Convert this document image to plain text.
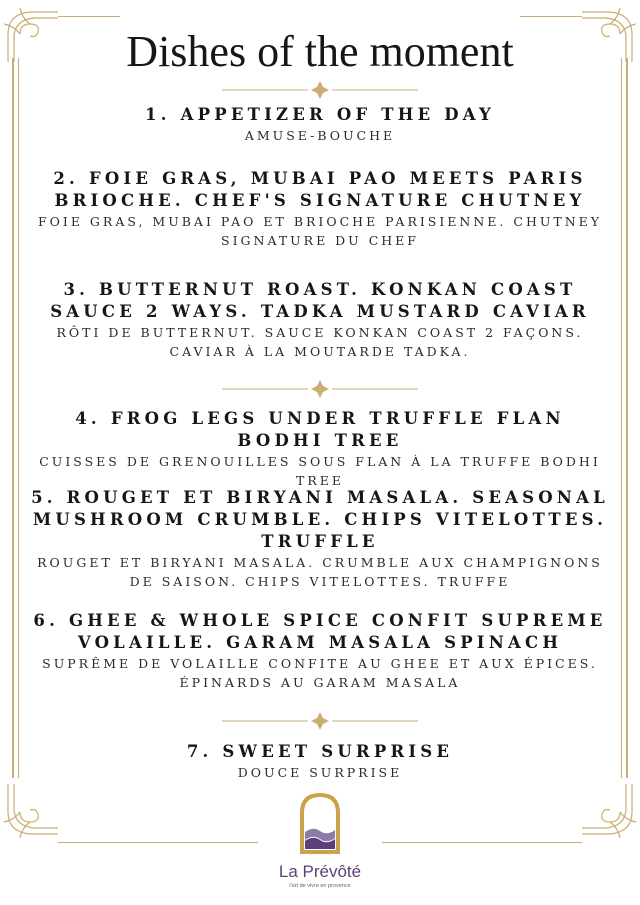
Dishes of the moment
1. APPETIZER OF THE DAY

AMUSE-BOUCHE

2. FOIE GRAS, MUBAI PAO MEETS PARIS BRIOCHE. CHEF'S SIGNATURE CHUTNEY

FOIE GRAS, MUBAI PAO ET BRIOCHE PARISIENNE. CHUTNEY SIGNATURE DU CHEF

3. BUTTERNUT ROAST. KONKAN COAST SAUCE 2 WAYS. TADKA MUSTARD CAVIAR

RÔTI DE BUTTERNUT. SAUCE KONKAN COAST 2 FAÇONS. CAVIAR À LA MOUTARDE TADKA.

4. FROG LEGS UNDER TRUFFLE FLAN BODHI TREE

CUISSES DE GRENOUILLES SOUS FLAN À LA TRUFFE BODHI TREE

5. ROUGET ET BIRYANI MASALA. SEASONAL MUSHROOM CRUMBLE. CHIPS VITELOTTES. TRUFFLE

ROUGET ET BIRYANI MASALA. CRUMBLE AUX CHAMPIGNONS DE SAISON. CHIPS VITELOTTES. TRUFFE

6. GHEE & WHOLE SPICE CONFIT SUPREME VOLAILLE. GARAM MASALA SPINACH

SUPRÊME DE VOLAILLE CONFITE AU GHEE ET AUX ÉPICES. ÉPINARDS AU GARAM MASALA

7. SWEET SURPRISE

DOUCE SURPRISE

La Prévôté
l'art de vivre en provence
